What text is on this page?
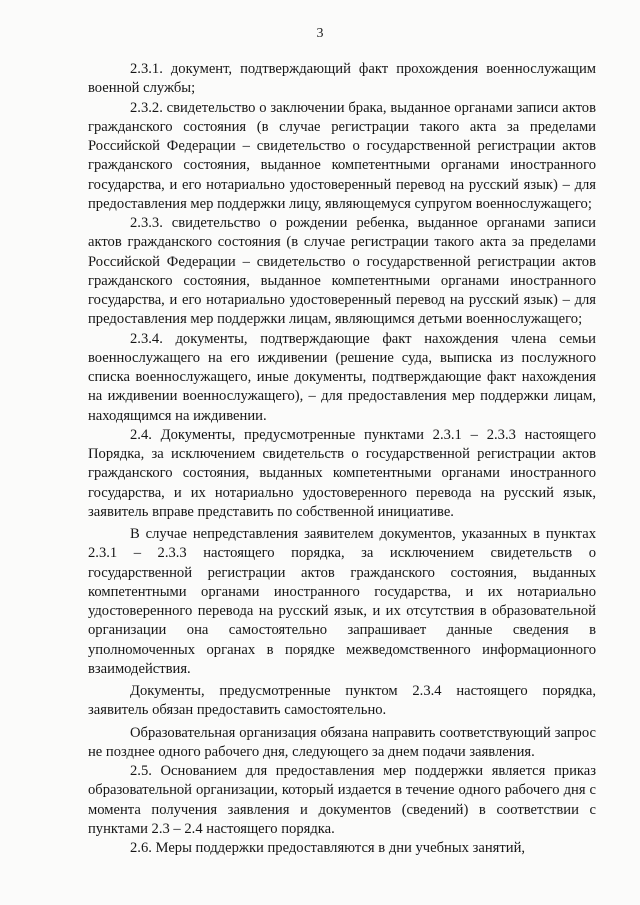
3

2.3.1. документ, подтверждающий факт прохождения военнослужащим военной службы;

2.3.2. свидетельство о заключении брака, выданное органами записи актов гражданского состояния (в случае регистрации такого акта за пределами Российской Федерации – свидетельство о государственной регистрации актов гражданского состояния, выданное компетентными органами иностранного государства, и его нотариально удостоверенный перевод на русский язык) – для предоставления мер поддержки лицу, являющемуся супругом военнослужащего;

2.3.3. свидетельство о рождении ребенка, выданное органами записи актов гражданского состояния (в случае регистрации такого акта за пределами Российской Федерации – свидетельство о государственной регистрации актов гражданского состояния, выданное компетентными органами иностранного государства, и его нотариально удостоверенный перевод на русский язык) – для предоставления мер поддержки лицам, являющимся детьми военнослужащего;

2.3.4. документы, подтверждающие факт нахождения члена семьи военнослужащего на его иждивении (решение суда, выписка из послужного списка военнослужащего, иные документы, подтверждающие факт нахождения на иждивении военнослужащего), – для предоставления мер поддержки лицам, находящимся на иждивении.

2.4. Документы, предусмотренные пунктами 2.3.1 – 2.3.3 настоящего Порядка, за исключением свидетельств о государственной регистрации актов гражданского состояния, выданных компетентными органами иностранного государства, и их нотариально удостоверенного перевода на русский язык, заявитель вправе представить по собственной инициативе.

В случае непредставления заявителем документов, указанных в пунктах 2.3.1 – 2.3.3 настоящего порядка, за исключением свидетельств о государственной регистрации актов гражданского состояния, выданных компетентными органами иностранного государства, и их нотариально удостоверенного перевода на русский язык, и их отсутствия в образовательной организации она самостоятельно запрашивает данные сведения в уполномоченных органах в порядке межведомственного информационного взаимодействия.

Документы, предусмотренные пунктом 2.3.4 настоящего порядка, заявитель обязан предоставить самостоятельно.

Образовательная организация обязана направить соответствующий запрос не позднее одного рабочего дня, следующего за днем подачи заявления.

2.5. Основанием для предоставления мер поддержки является приказ образовательной организации, который издается в течение одного рабочего дня с момента получения заявления и документов (сведений) в соответствии с пунктами 2.3 – 2.4 настоящего порядка.

2.6. Меры поддержки предоставляются в дни учебных занятий,
